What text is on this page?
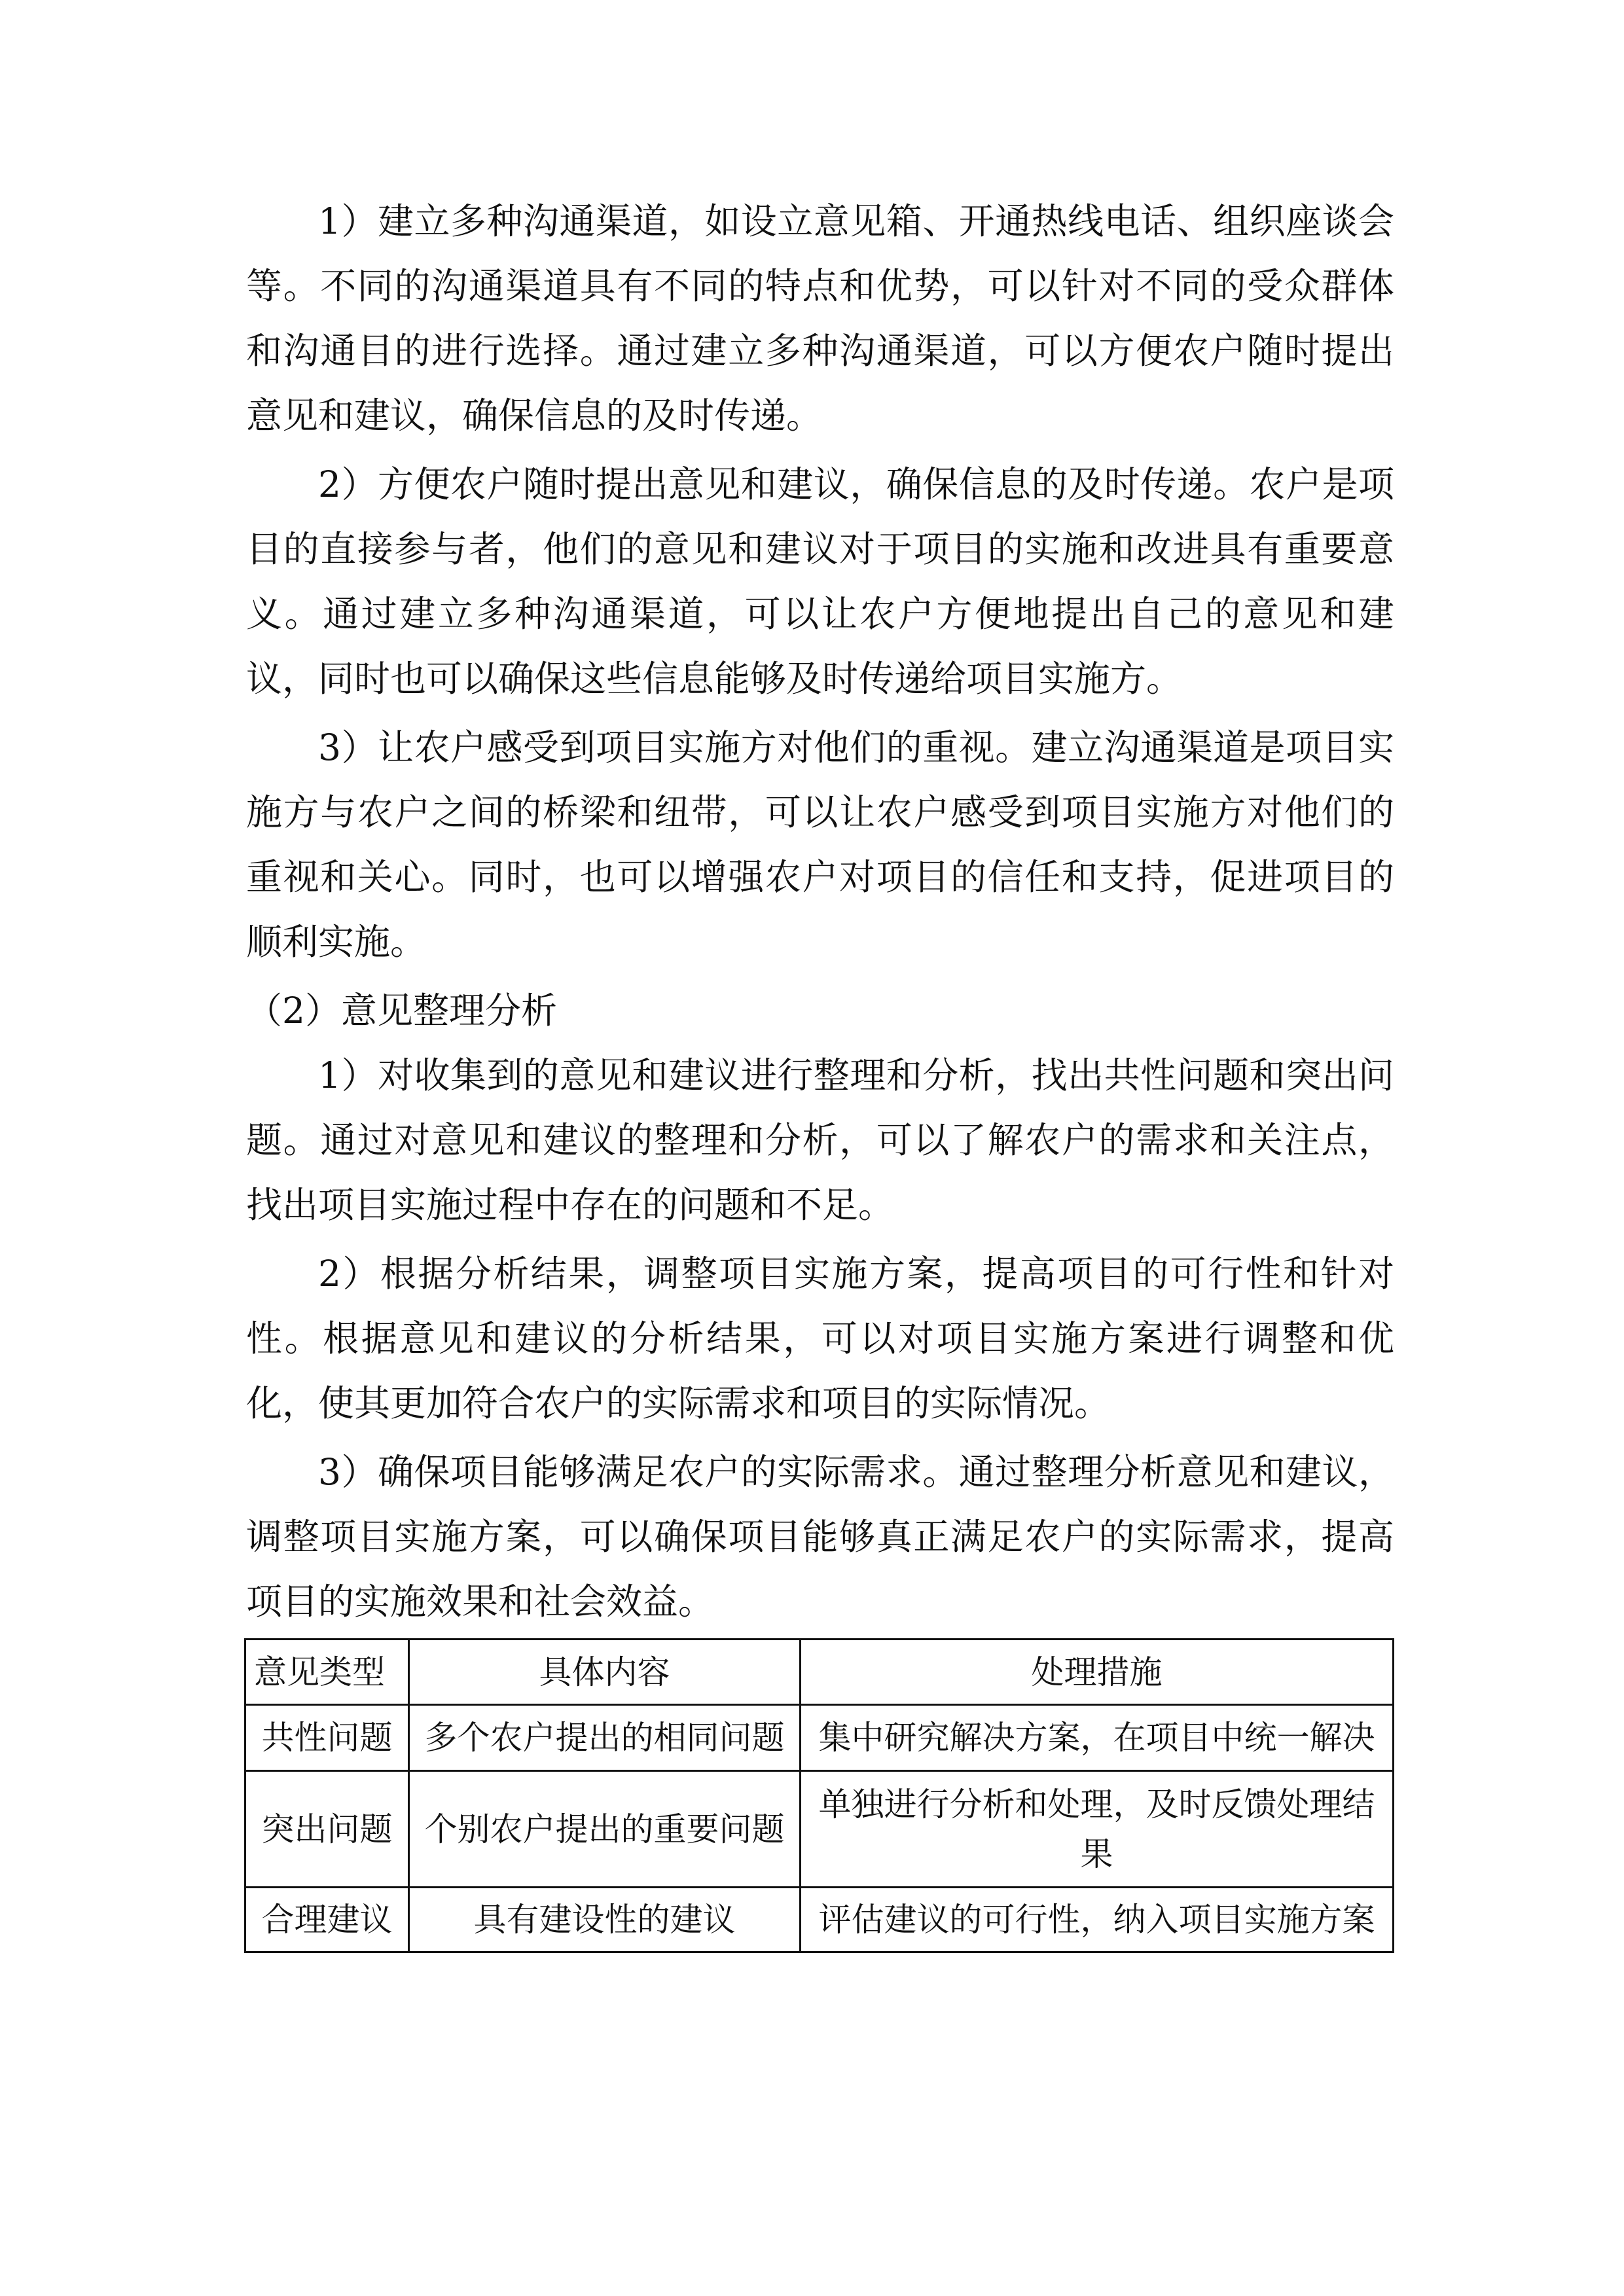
1）建立多种沟通渠道，如设立意见箱、开通热线电话、组织座谈会等。不同的沟通渠道具有不同的特点和优势，可以针对不同的受众群体和沟通目的进行选择。通过建立多种沟通渠道，可以方便农户随时提出意见和建议，确保信息的及时传递。

2）方便农户随时提出意见和建议，确保信息的及时传递。农户是项目的直接参与者，他们的意见和建议对于项目的实施和改进具有重要意义。通过建立多种沟通渠道，可以让农户方便地提出自己的意见和建议，同时也可以确保这些信息能够及时传递给项目实施方。

3）让农户感受到项目实施方对他们的重视。建立沟通渠道是项目实施方与农户之间的桥梁和纽带，可以让农户感受到项目实施方对他们的重视和关心。同时，也可以增强农户对项目的信任和支持，促进项目的顺利实施。

（2）意见整理分析

1）对收集到的意见和建议进行整理和分析，找出共性问题和突出问题。通过对意见和建议的整理和分析，可以了解农户的需求和关注点，找出项目实施过程中存在的问题和不足。

2）根据分析结果，调整项目实施方案，提高项目的可行性和针对性。根据意见和建议的分析结果，可以对项目实施方案进行调整和优化，使其更加符合农户的实际需求和项目的实际情况。

3）确保项目能够满足农户的实际需求。通过整理分析意见和建议，调整项目实施方案，可以确保项目能够真正满足农户的实际需求，提高项目的实施效果和社会效益。

意见类型	具体内容	处理措施
共性问题	多个农户提出的相同问题	集中研究解决方案，在项目中统一解决
突出问题	个别农户提出的重要问题	单独进行分析和处理，及时反馈处理结果
合理建议	具有建设性的建议	评估建议的可行性，纳入项目实施方案
